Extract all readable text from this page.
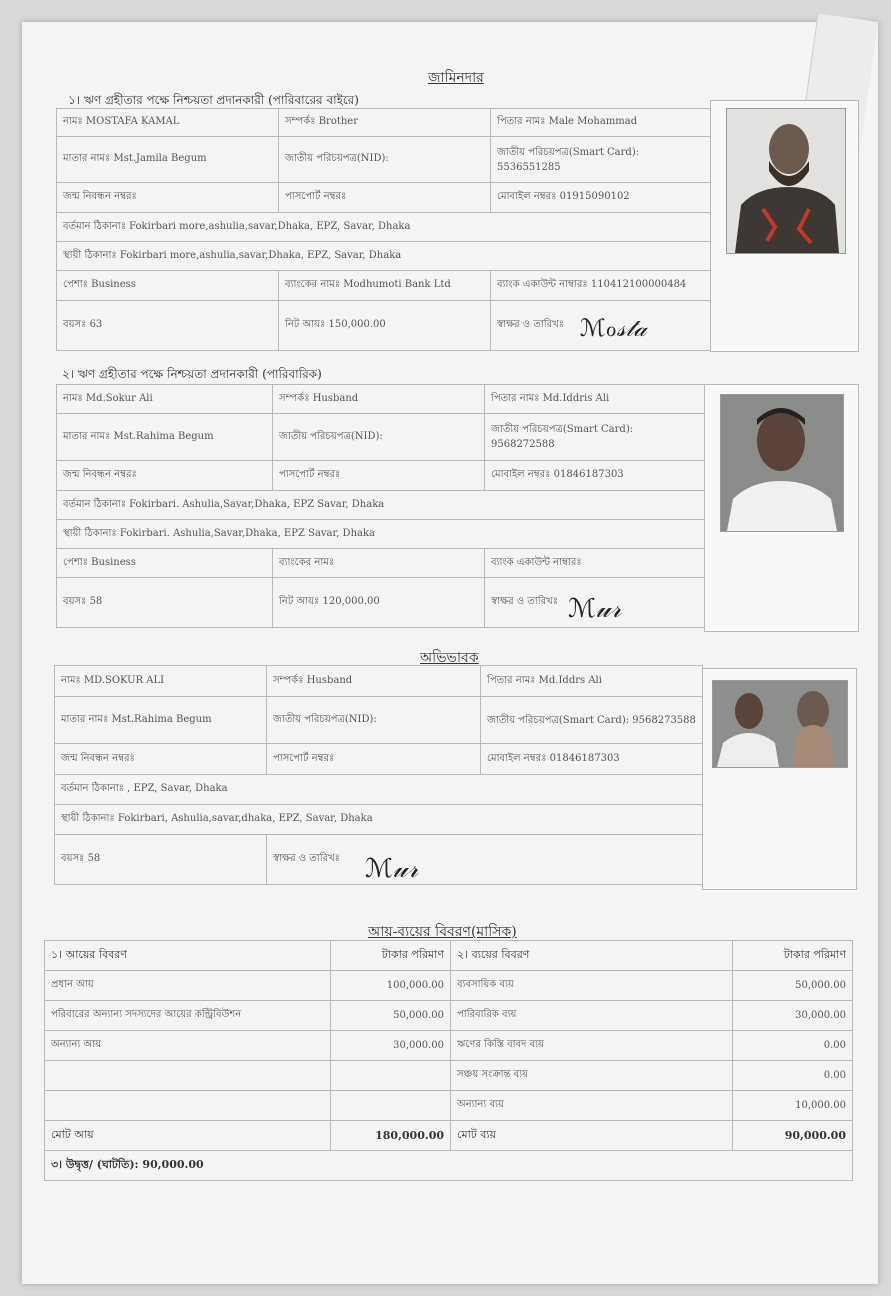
জামিনদার
১। ঋণ গ্রহীতার পক্ষে নিশ্চয়তা প্রদানকারী (পারিবারের বাইরে)
নামঃ MOSTAFA KAMAL	সম্পর্কঃ Brother	পিতার নামঃ Male Mohammad
মাতার নামঃ Mst.Jamila Begum	জাতীয় পরিচয়পত্র(NID):	জাতীয় পরিচয়পত্র(Smart Card): 5536551285
জন্ম নিবন্ধন নম্বরঃ	পাসপোর্ট নম্বরঃ	মোবাইল নম্বরঃ 01915090102
বর্তমান ঠিকানাঃ Fokirbari more,ashulia,savar,Dhaka, EPZ, Savar, Dhaka		
স্থায়ী ঠিকানাঃ Fokirbari more,ashulia,savar,Dhaka, EPZ, Savar, Dhaka		
পেশাঃ Business	ব্যাংকের নামঃ Modhumoti Bank Ltd	ব্যাংক একাউন্ট নাম্বারঃ 110412100000484
বয়সঃ 63	নিট আয়ঃ 150,000.00	স্বাক্ষর ও তারিখঃ ℳℴ𝓈𝓉𝒶
২। ঋণ গ্রহীতার পক্ষে নিশ্চয়তা প্রদানকারী (পারিবারিক)
নামঃ Md.Sokur Ali	সম্পর্কঃ Husband	পিতার নামঃ Md.Iddris Ali
মাতার নামঃ Mst.Rahima Begum	জাতীয় পরিচয়পত্র(NID):	জাতীয় পরিচয়পত্র(Smart Card): 9568272588
জন্ম নিবন্ধন নম্বরঃ	পাসপোর্ট নম্বরঃ	মোবাইল নম্বরঃ 01846187303
বর্তমান ঠিকানাঃ Fokirbari. Ashulia,Savar,Dhaka, EPZ Savar, Dhaka		
স্থায়ী ঠিকানাঃ Fokirbari. Ashulia,Savar,Dhaka, EPZ Savar, Dhaka		
পেশাঃ Business	ব্যাংকের নামঃ	ব্যাংক একাউন্ট নাম্বারঃ
বয়সঃ 58	নিট আয়ঃ 120,000.00	স্বাক্ষর ও তারিখঃ ℳ𝓊𝓇
অভিভাবক
নামঃ MD.SOKUR ALI	সম্পর্কঃ Husband	পিতার নামঃ Md.Iddrs Ali
মাতার নামঃ Mst.Rahima Begum	জাতীয় পরিচয়পত্র(NID):	জাতীয় পরিচয়পত্র(Smart Card): 9568273588
জন্ম নিবন্ধন নম্বরঃ	পাসপোর্ট নম্বরঃ	মোবাইল নম্বরঃ 01846187303
বর্তমান ঠিকানাঃ , EPZ, Savar, Dhaka		
স্থায়ী ঠিকানাঃ Fokirbari, Ashulia,savar,dhaka, EPZ, Savar, Dhaka		
বয়সঃ 58	স্বাক্ষর ও তারিখঃ	ℳ𝓊𝓇
আয়-ব্যয়ের বিবরণ(মাসিক)
১। আয়ের বিবরণ	টাকার পরিমাণ	২। ব্যয়ের বিবরণ	টাকার পরিমাণ
প্রধান আয়	100,000.00	ব্যবসায়িক ব্যয়	50,000.00
পরিবারের অন্যান্য সদস্যদের আয়ের কন্ট্রিবিউশন	50,000.00	পারিবারিক ব্যয়	30,000.00
অন্যান্য আয়	30,000.00	ঋণের কিস্তি বাবদ ব্যয়	0.00
		সঞ্চয় সংক্রান্ত ব্যয়	0.00
		অন্যান্য ব্যয়	10,000.00
মোট আয়	180,000.00	মোট ব্যয়	90,000.00
৩। উদ্বৃত্ত/ (ঘাটতি): 90,000.00			
